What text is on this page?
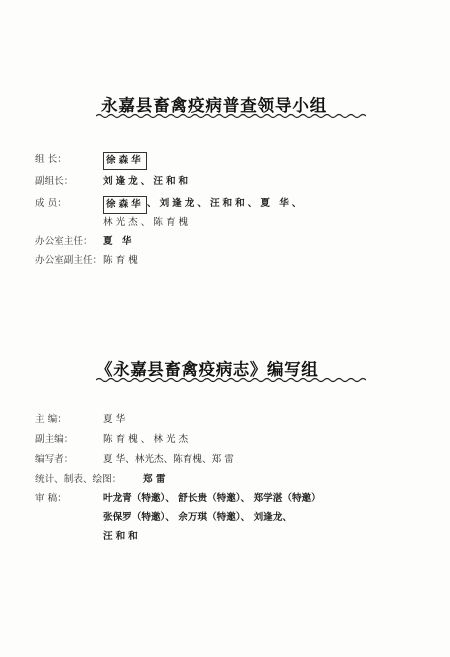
永嘉县畜禽疫病普查领导小组
组 长：	徐森华
副组长：	刘逢龙、汪和和
成 员：	徐森华 、刘逢龙、汪和和、夏 华、
林光杰、陈育槐
办公室主任： 夏 华
办公室副主任： 陈育槐
《永嘉县畜禽疫病志》编写组
主 编：	夏华
副主编：	陈育槐、林光杰
编写者：	夏 华、林光杰、陈育槐、郑 雷
统计、制表、绘图： 郑 雷
审 稿：	叶龙青（特邀）、 舒长贵（特邀）、 郑学湛（特邀）
张保罗（特邀）、 佘万琪（特邀）、 刘逢龙、
汪和和
